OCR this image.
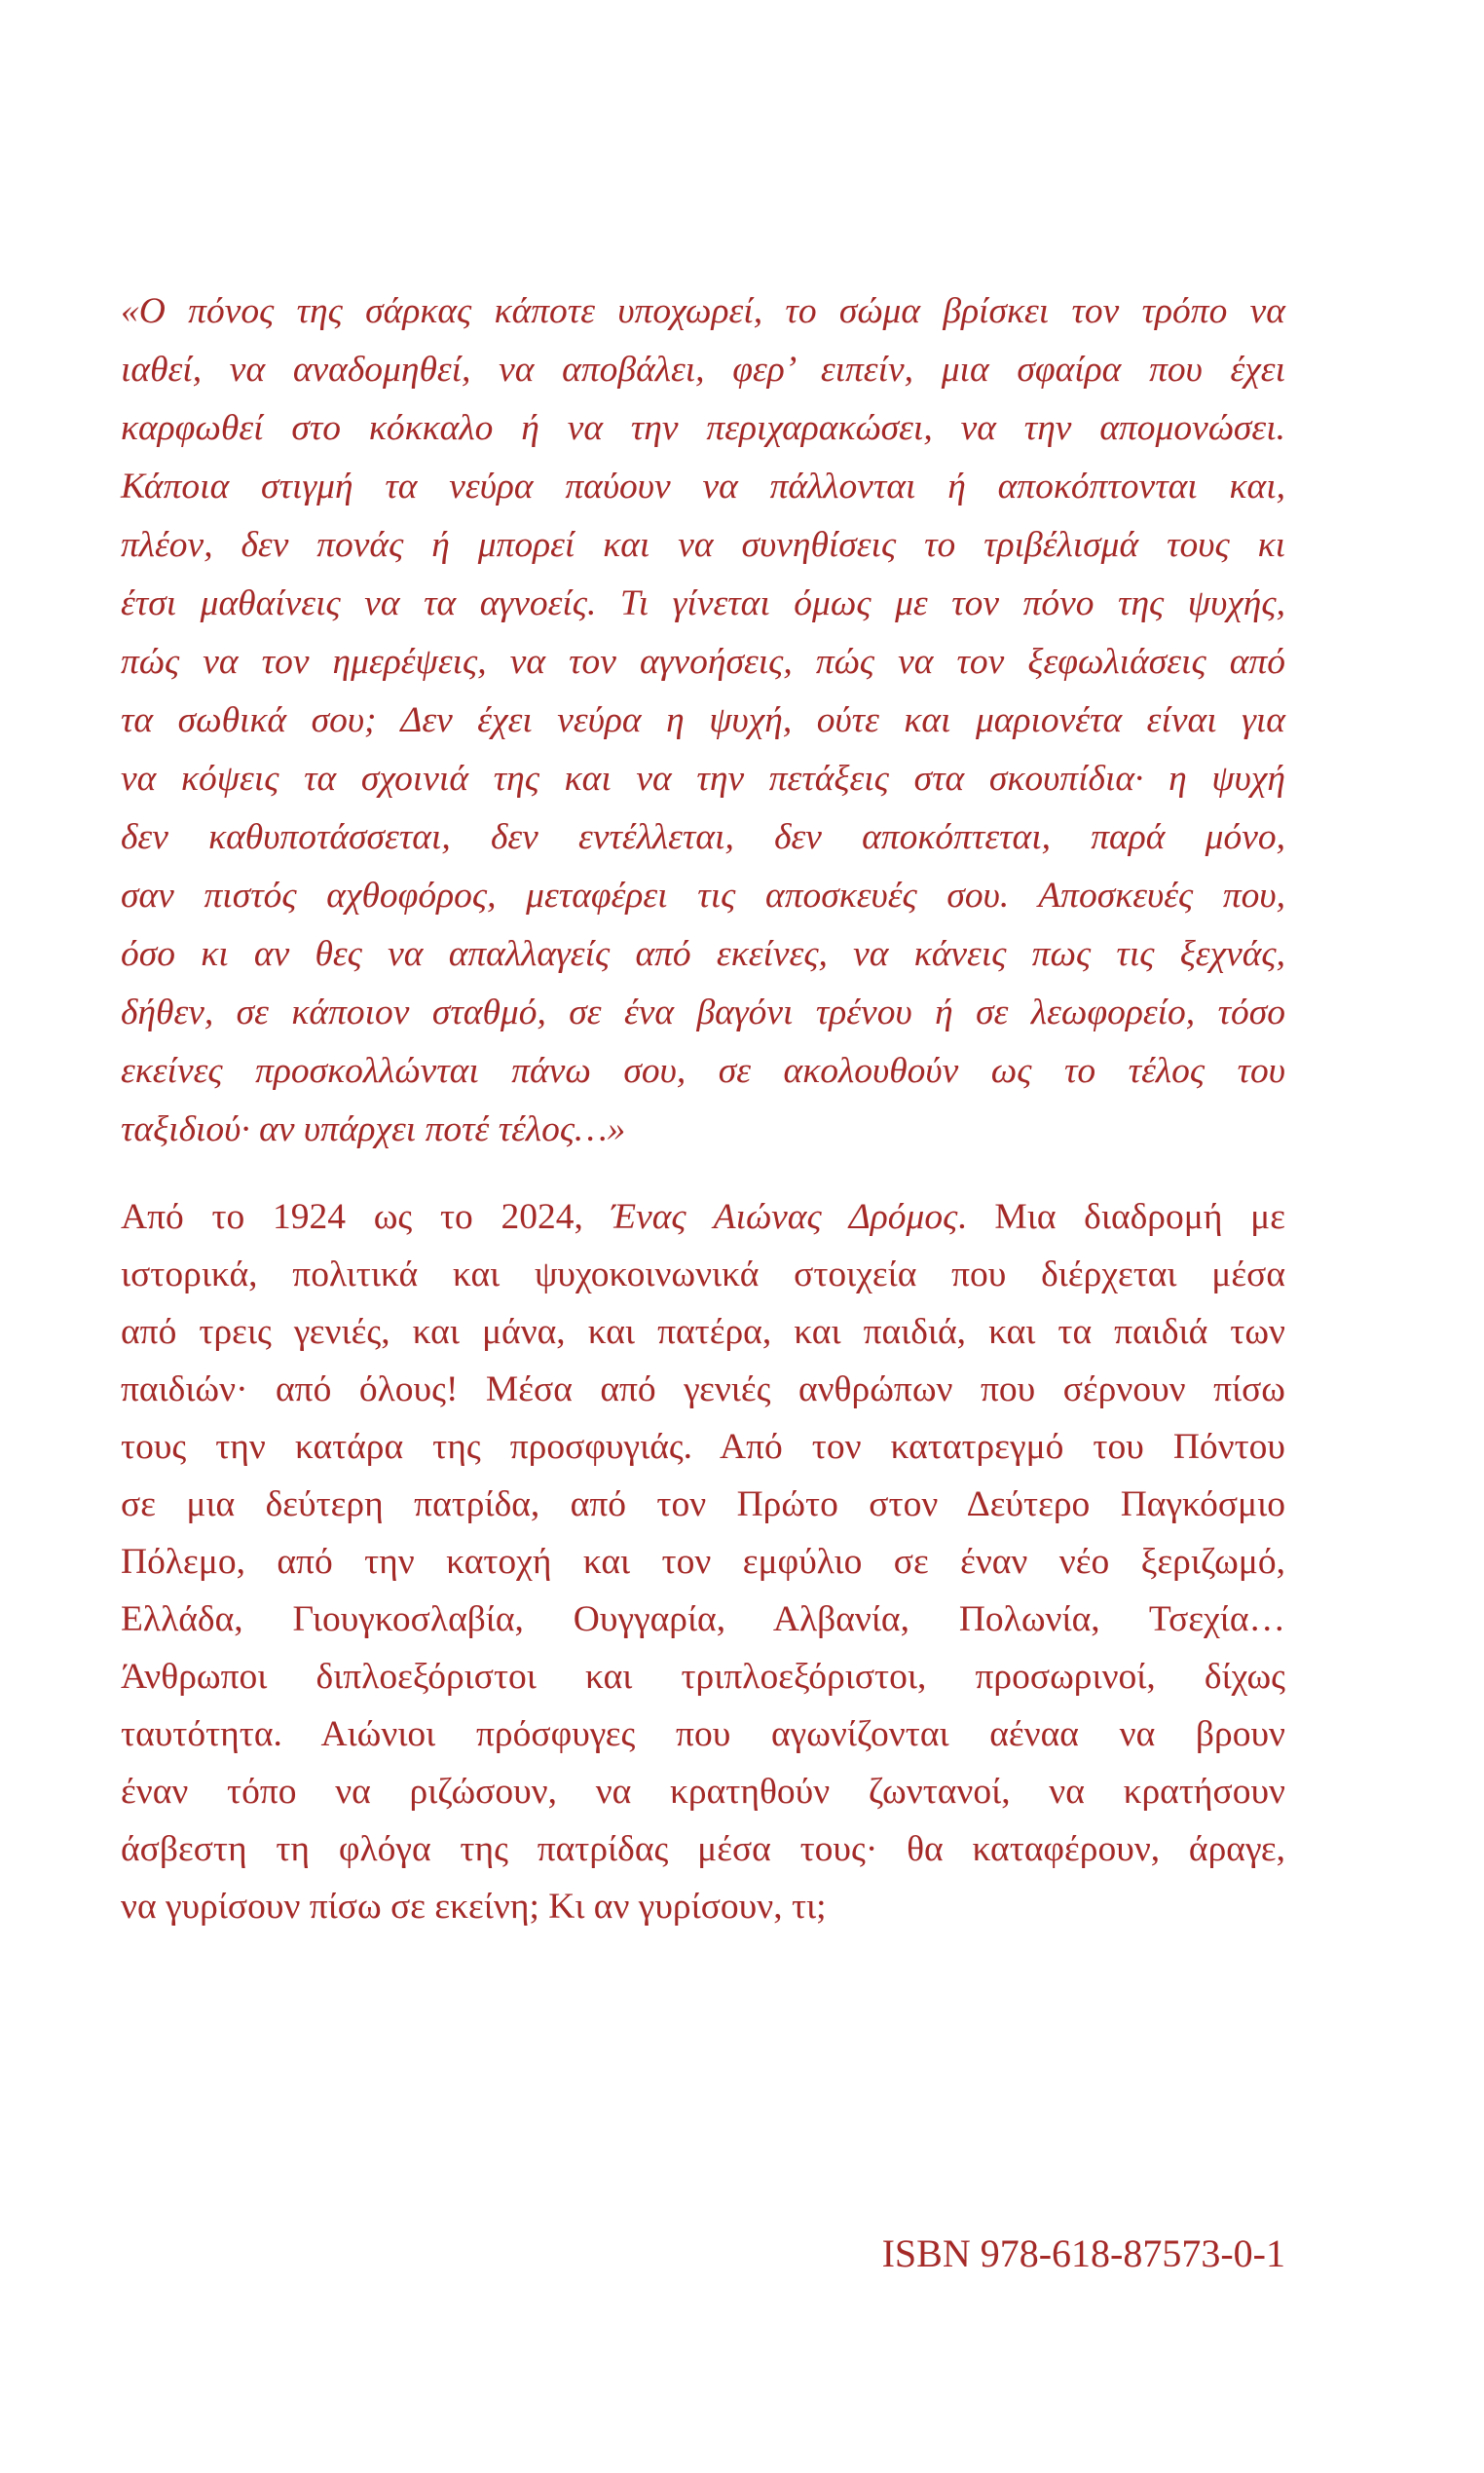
«Ο πόνος της σάρκας κάποτε υποχωρεί, το σώμα βρίσκει τον τρόπο να
ιαθεί, να αναδομηθεί, να αποβάλει, φερ’ ειπείν, μια σφαίρα που έχει
καρφωθεί στο κόκκαλο ή να την περιχαρακώσει, να την απομονώσει.
Κάποια στιγμή τα νεύρα παύουν να πάλλονται ή αποκόπτονται και,
πλέον, δεν πονάς ή μπορεί και να συνηθίσεις το τριβέλισμά τους κι
έτσι μαθαίνεις να τα αγνοείς. Τι γίνεται όμως με τον πόνο της ψυχής,
πώς να τον ημερέψεις, να τον αγνοήσεις, πώς να τον ξεφωλιάσεις από
τα σωθικά σου; Δεν έχει νεύρα η ψυχή, ούτε και μαριονέτα είναι για
να κόψεις τα σχοινιά της και να την πετάξεις στα σκουπίδια· η ψυχή
δεν καθυποτάσσεται, δεν εντέλλεται, δεν αποκόπτεται, παρά μόνο,
σαν πιστός αχθοφόρος, μεταφέρει τις αποσκευές σου. Αποσκευές που,
όσο κι αν θες να απαλλαγείς από εκείνες, να κάνεις πως τις ξεχνάς,
δήθεν, σε κάποιον σταθμό, σε ένα βαγόνι τρένου ή σε λεωφορείο, τόσο
εκείνες προσκολλώνται πάνω σου, σε ακολουθούν ως το τέλος του
ταξιδιού· αν υπάρχει ποτέ τέλος…»
Από το 1924 ως το 2024, Ένας Αιώνας Δρόμος. Μια διαδρομή με
ιστορικά, πολιτικά και ψυχοκοινωνικά στοιχεία που διέρχεται μέσα
από τρεις γενιές, και μάνα, και πατέρα, και παιδιά, και τα παιδιά των
παιδιών· από όλους! Μέσα από γενιές ανθρώπων που σέρνουν πίσω
τους την κατάρα της προσφυγιάς. Από τον κατατρεγμό του Πόντου
σε μια δεύτερη πατρίδα, από τον Πρώτο στον Δεύτερο Παγκόσμιο
Πόλεμο, από την κατοχή και τον εμφύλιο σε έναν νέο ξεριζωμό,
Ελλάδα, Γιουγκοσλαβία, Ουγγαρία, Αλβανία, Πολωνία, Τσεχία…
Άνθρωποι διπλοεξόριστοι και τριπλοεξόριστοι, προσωρινοί, δίχως
ταυτότητα. Αιώνιοι πρόσφυγες που αγωνίζονται αέναα να βρουν
έναν τόπο να ριζώσουν, να κρατηθούν ζωντανοί, να κρατήσουν
άσβεστη τη φλόγα της πατρίδας μέσα τους· θα καταφέρουν, άραγε,
να γυρίσουν πίσω σε εκείνη; Κι αν γυρίσουν, τι;

ISBN 978-618-87573-0-1
